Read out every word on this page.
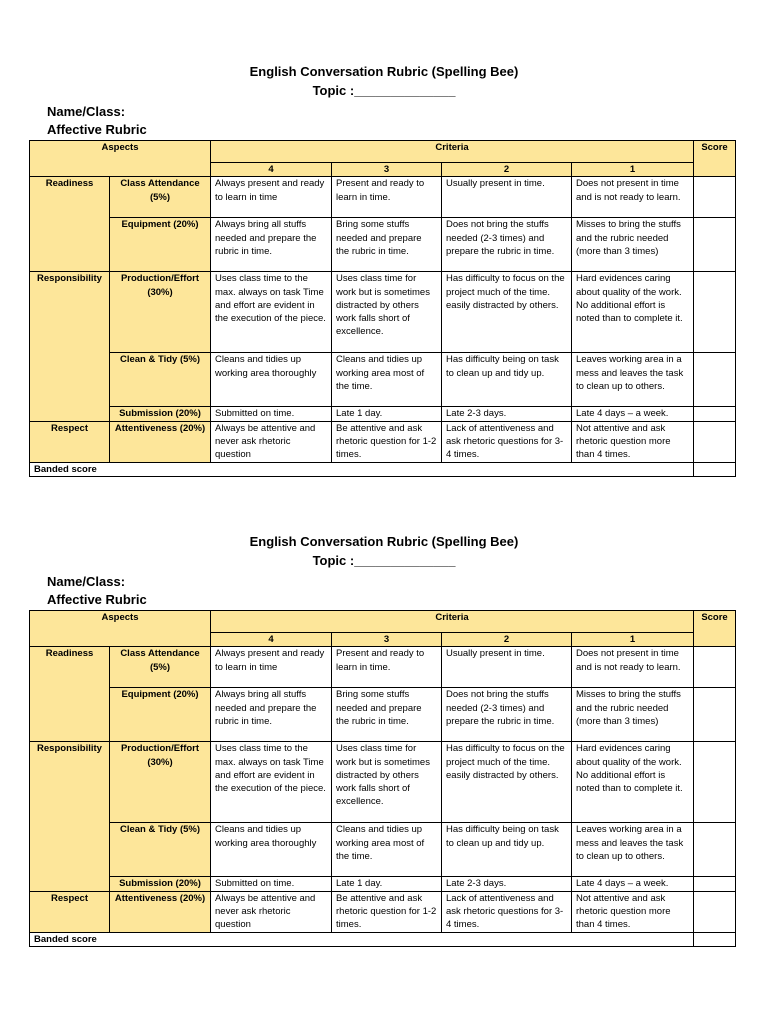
English Conversation Rubric (Spelling Bee)
Topic :______________
Name/Class:
Affective Rubric
Aspects		Criteria				Score
		4	3	2	1	
Readiness	Class Attendance (5%)	Always present and ready to learn in time	Present and ready to learn in time.	Usually present in time.	Does not present in time and is not ready to learn.	
	Equipment (20%)	Always bring all stuffs needed and prepare the rubric in time.	Bring some stuffs needed and prepare the rubric in time.	Does not bring the stuffs needed (2-3 times) and prepare the rubric in time.	Misses to bring the stuffs and the rubric needed (more than 3 times)	
Responsibility	Production/Effort (30%)	Uses class time to the max. always on task Time and effort are evident in the execution of the piece.	Uses class time for work but is sometimes distracted by others work falls short of excellence.	Has difficulty to focus on the project much of the time. easily distracted by others.	Hard evidences caring about quality of the work. No additional effort is noted than to complete it.	
	Clean & Tidy (5%)	Cleans and tidies up working area thoroughly	Cleans and tidies up working area most of the time.	Has difficulty being on task to clean up and tidy up.	Leaves working area in a mess and leaves the task to clean up to others.	
	Submission (20%)	Submitted on time.	Late 1 day.	Late 2-3 days.	Late 4 days – a week.	
Respect	Attentiveness (20%)	Always be attentive and never ask rhetoric question	Be attentive and ask rhetoric question for 1-2 times.	Lack of attentiveness and ask rhetoric questions for 3-4 times.	Not attentive and ask rhetoric question more than 4 times.	
Banded score						
English Conversation Rubric (Spelling Bee)
Topic :______________
Name/Class:
Affective Rubric
Aspects		Criteria				Score
		4	3	2	1	
Readiness	Class Attendance (5%)	Always present and ready to learn in time	Present and ready to learn in time.	Usually present in time.	Does not present in time and is not ready to learn.	
	Equipment (20%)	Always bring all stuffs needed and prepare the rubric in time.	Bring some stuffs needed and prepare the rubric in time.	Does not bring the stuffs needed (2-3 times) and prepare the rubric in time.	Misses to bring the stuffs and the rubric needed (more than 3 times)	
Responsibility	Production/Effort (30%)	Uses class time to the max. always on task Time and effort are evident in the execution of the piece.	Uses class time for work but is sometimes distracted by others work falls short of excellence.	Has difficulty to focus on the project much of the time. easily distracted by others.	Hard evidences caring about quality of the work. No additional effort is noted than to complete it.	
	Clean & Tidy (5%)	Cleans and tidies up working area thoroughly	Cleans and tidies up working area most of the time.	Has difficulty being on task to clean up and tidy up.	Leaves working area in a mess and leaves the task to clean up to others.	
	Submission (20%)	Submitted on time.	Late 1 day.	Late 2-3 days.	Late 4 days – a week.	
Respect	Attentiveness (20%)	Always be attentive and never ask rhetoric question	Be attentive and ask rhetoric question for 1-2 times.	Lack of attentiveness and ask rhetoric questions for 3-4 times.	Not attentive and ask rhetoric question more than 4 times.	
Banded score						
